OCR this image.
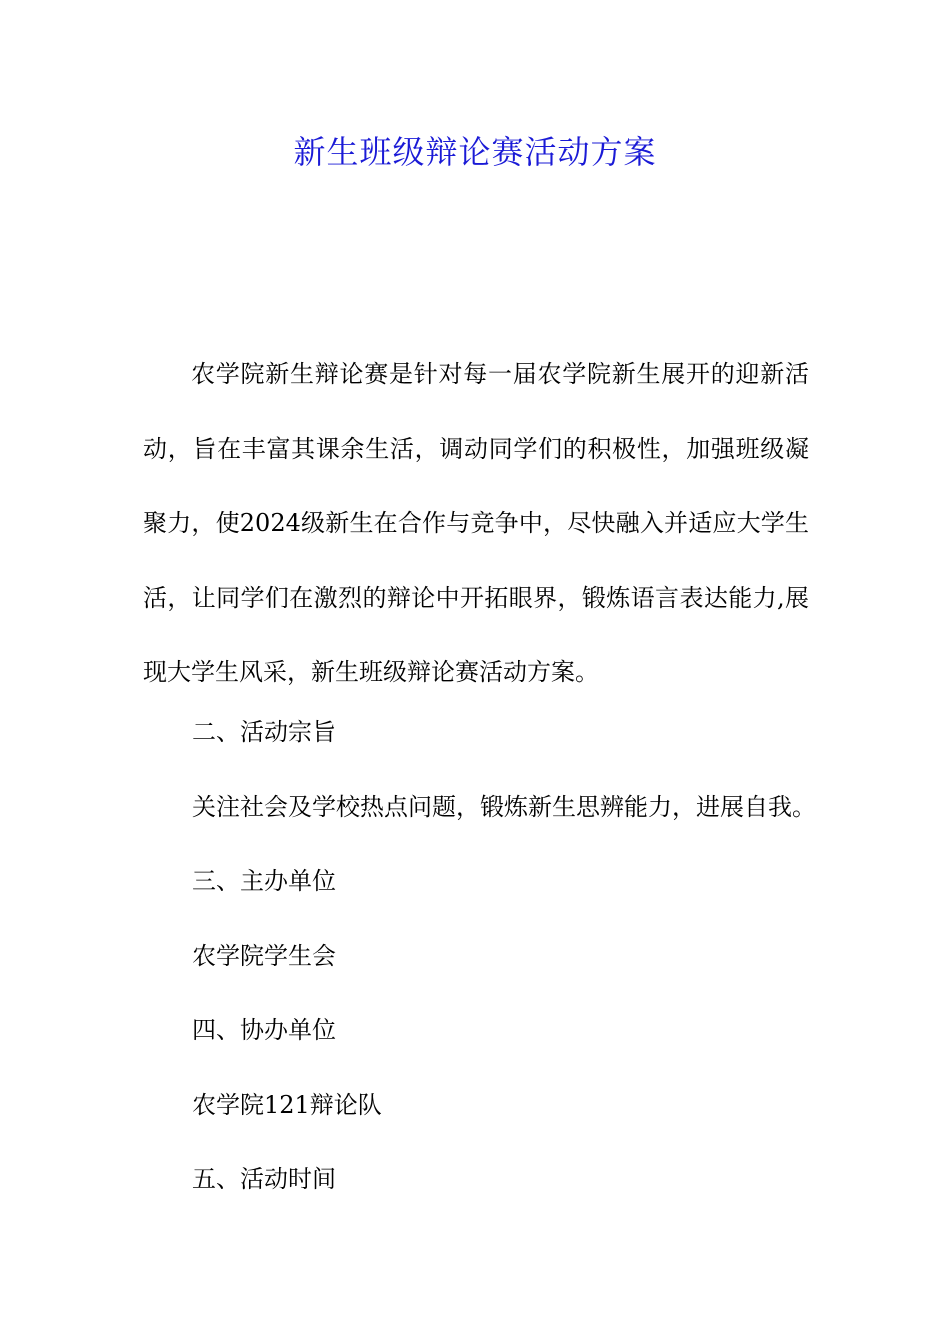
新生班级辩论赛活动方案

农学院新生辩论赛是针对每一届农学院新生展开的迎新活动，旨在丰富其课余生活，调动同学们的积极性，加强班级凝聚力，使2024级新生在合作与竞争中，尽快融入并适应大学生活，让同学们在激烈的辩论中开拓眼界，锻炼语言表达能力,展现大学生风采，新生班级辩论赛活动方案。

二、活动宗旨

关注社会及学校热点问题，锻炼新生思辨能力，进展自我。

三、主办单位

农学院学生会

四、协办单位

农学院121辩论队

五、活动时间
